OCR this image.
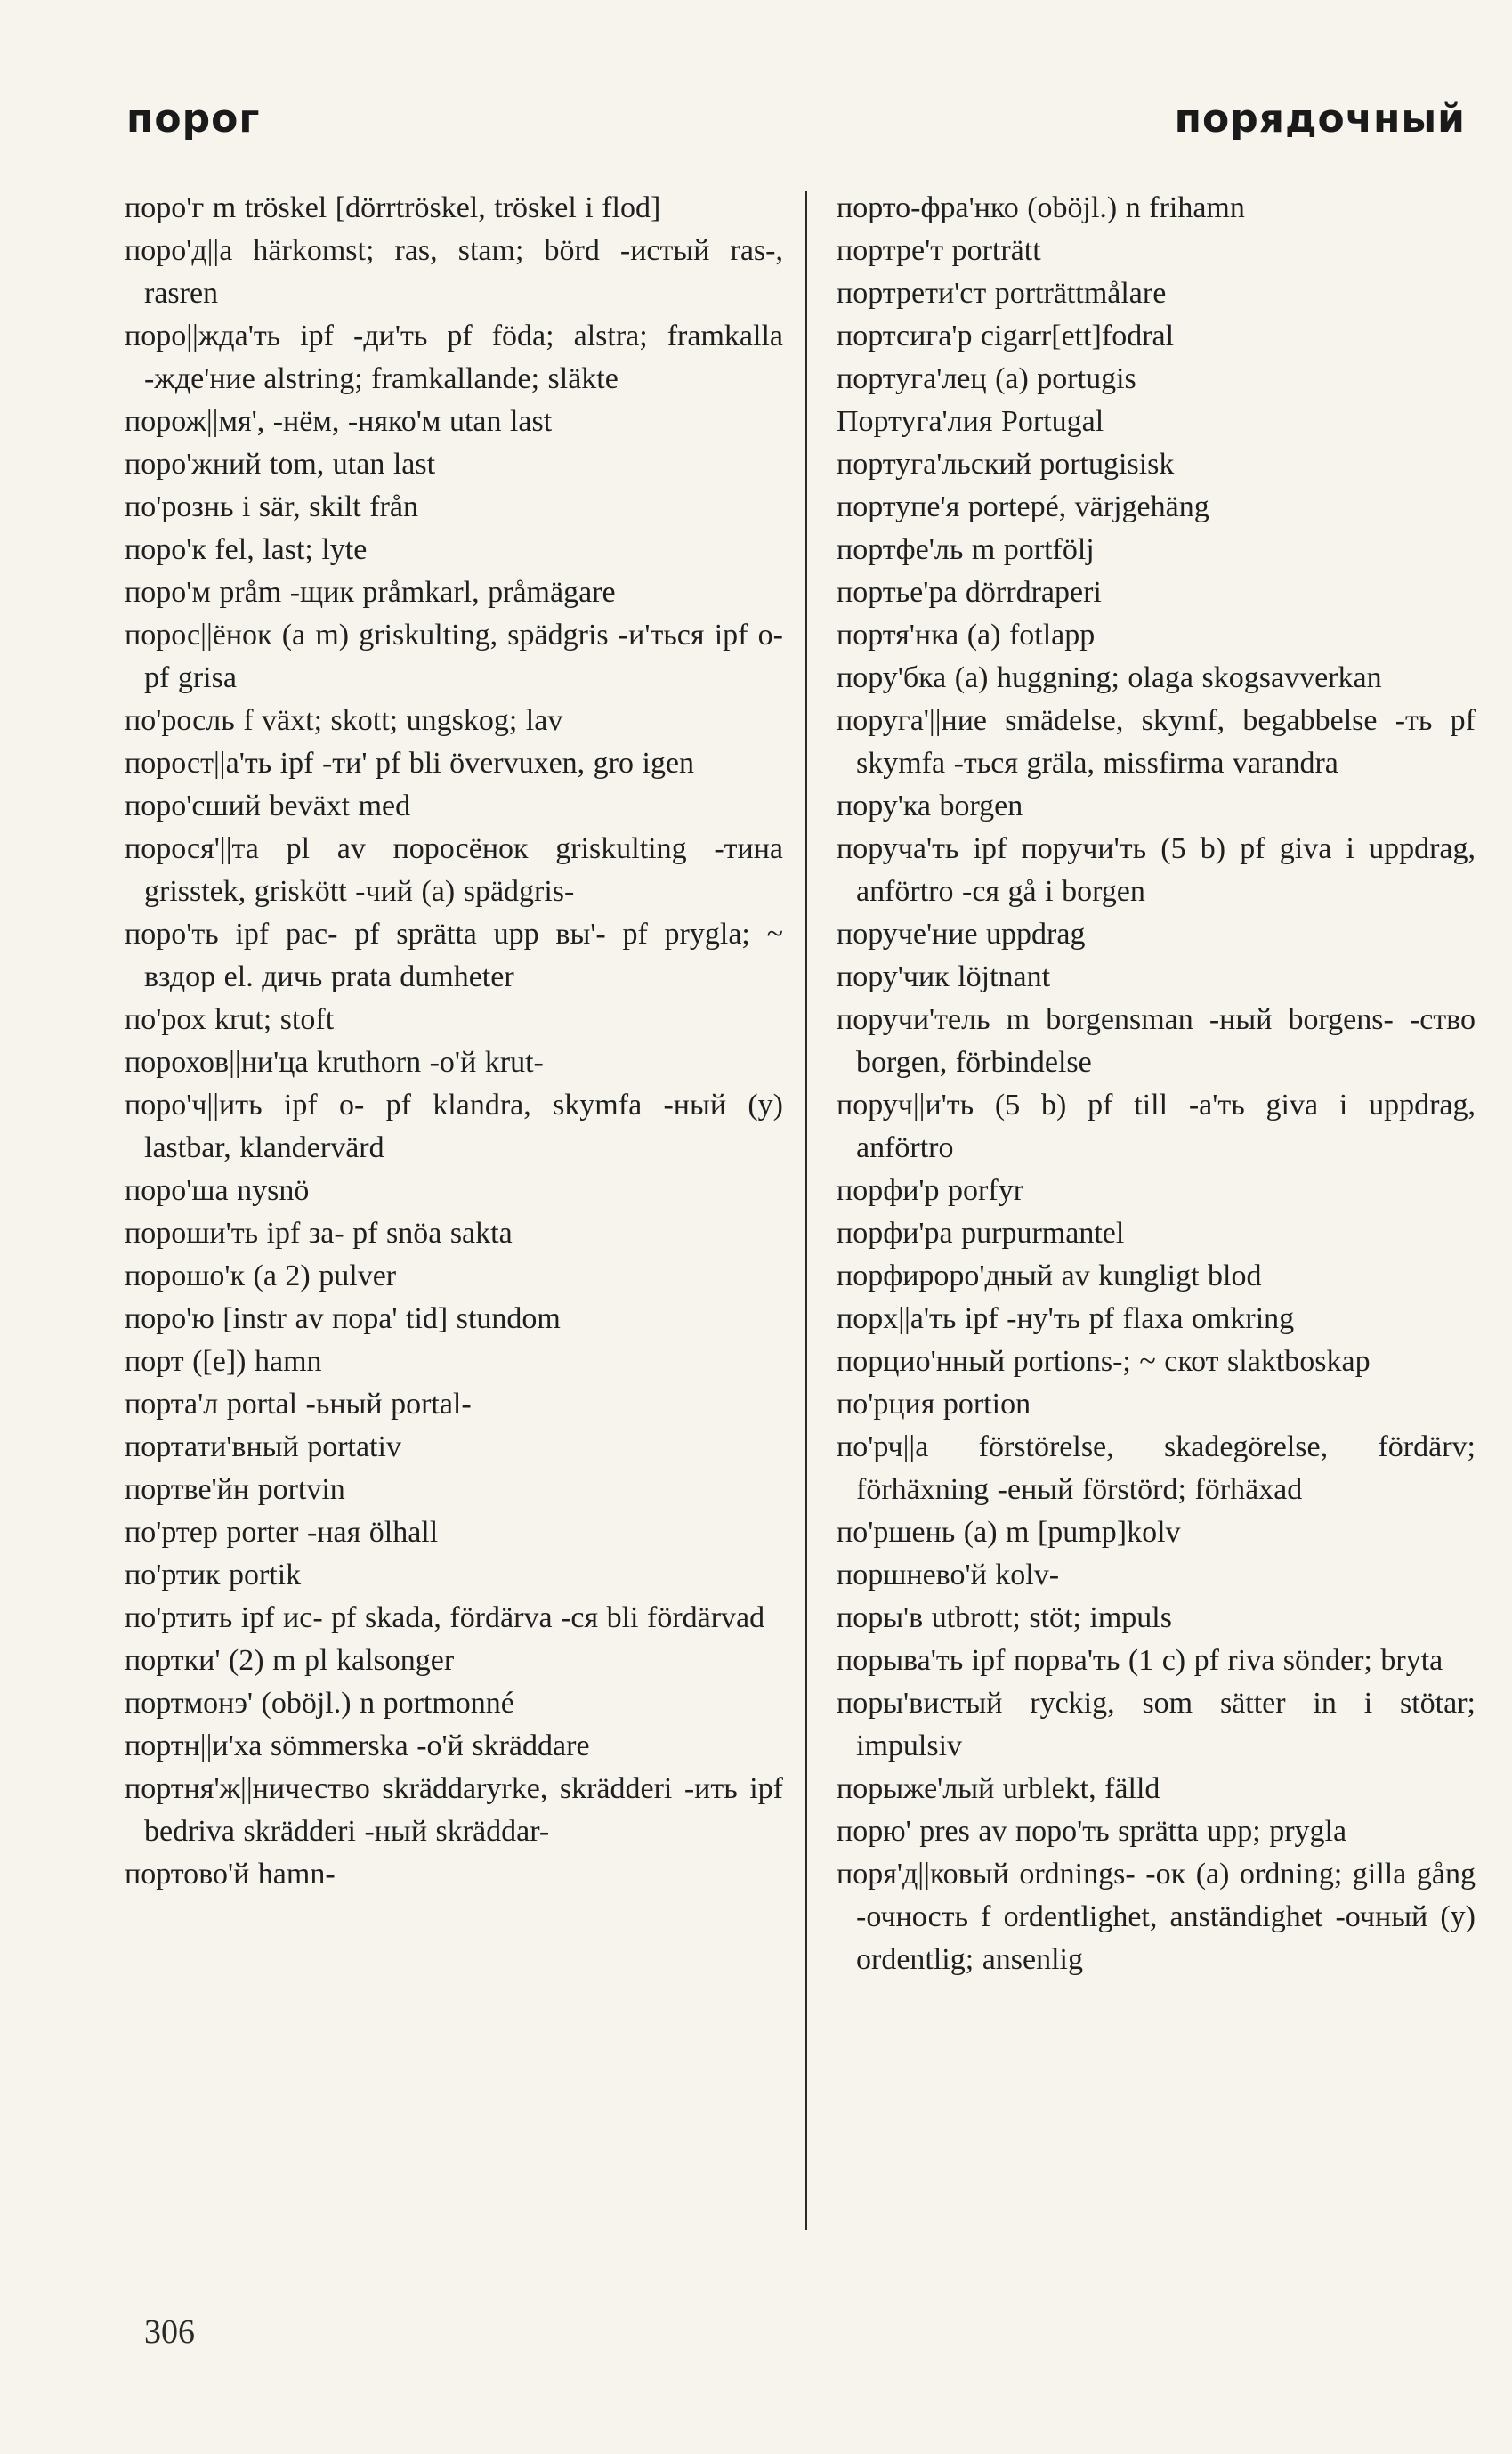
порог	порядочный

поро'г m tröskel [dörrtröskel, tröskel i flod]

поро'д||а härkomst; ras, stam; börd -истый ras-, rasren

поро||жда'ть ipf -ди'ть pf föda; alstra; framkalla -жде'ние alstring; framkallande; släkte

порож||мя', -нём, -няко'м utan last

поро'жний tom, utan last

по'рознь i sär, skilt från

поро'к fel, last; lyte

поро'м pråm -щик pråmkarl, pråmägare

порос||ёнок (a m) griskulting, spädgris -и'ться ipf о- pf grisa

по'росль f växt; skott; ungskog; lav

порост||а'ть ipf -ти' pf bli övervuxen, gro igen

поро'сший beväxt med

порося'||та pl av поросёнок griskulting -тина grisstek, griskött -чий (a) spädgris-

поро'ть ipf рас- pf sprätta upp вы'- pf prygla; ~ вздор el. дичь prata dumheter

по'рох krut; stoft

порохов||ни'ца kruthorn -о'й krut-

поро'ч||ить ipf о- pf klandra, skymfa -ный (y) lastbar, klandervärd

поро'ша nysnö

пороши'ть ipf за- pf snöa sakta

порошо'к (a 2) pulver

поро'ю [instr av пора' tid] stundom

порт ([e]) hamn

порта'л portal -ьный portal-

портати'вный portativ

портве'йн portvin

по'ртер porter -ная ölhall

по'ртик portik

по'ртить ipf ис- pf skada, fördärva -ся bli fördärvad

портки' (2) m pl kalsonger

портмонэ' (oböjl.) n portmonné

портн||и'ха sömmerska -о'й skräddare

портня'ж||ничество skräddaryrke, skrädderi -ить ipf bedriva skrädderi -ный skräddar-

портово'й hamn-

порто-фра'нко (oböjl.) n frihamn

портре'т porträtt

портрети'ст porträttmålare

портсига'р cigarr[ett]fodral

португа'лец (a) portugis

Португа'лия Portugal

португа'льский portugisisk

портупе'я portepé, värjgehäng

портфе'ль m portfölj

портье'ра dörrdraperi

портя'нка (a) fotlapp

пору'бка (a) huggning; olaga skogsavverkan

поруга'||ние smädelse, skymf, begabbelse -ть pf skymfa -ться gräla, missfirma varandra

пору'ка borgen

поруча'ть ipf поручи'ть (5 b) pf giva i uppdrag, anförtro -ся gå i borgen

поруче'ние uppdrag

пору'чик löjtnant

поручи'тель m borgensman -ный borgens- -ство borgen, förbindelse

поруч||и'ть (5 b) pf till -а'ть giva i uppdrag, anförtro

порфи'р porfyr

порфи'ра purpurmantel

порфироро'дный av kungligt blod

порх||а'ть ipf -ну'ть pf flaxa omkring

порцио'нный portions-; ~ скот slaktboskap

по'рция portion

по'рч||а förstörelse, skadegörelse, fördärv; förhäxning -еный förstörd; förhäxad

по'ршень (a) m [pump]kolv

поршнево'й kolv-

поры'в utbrott; stöt; impuls

порыва'ть ipf порва'ть (1 c) pf riva sönder; bryta

поры'вистый ryckig, som sätter in i stötar; impulsiv

порыже'лый urblekt, fälld

порю' pres av поро'ть sprätta upp; prygla

поря'д||ковый ordnings- -ок (a) ordning; gilla gång -очность f ordentlighet, anständighet -очный (y) ordentlig; ansenlig

306
